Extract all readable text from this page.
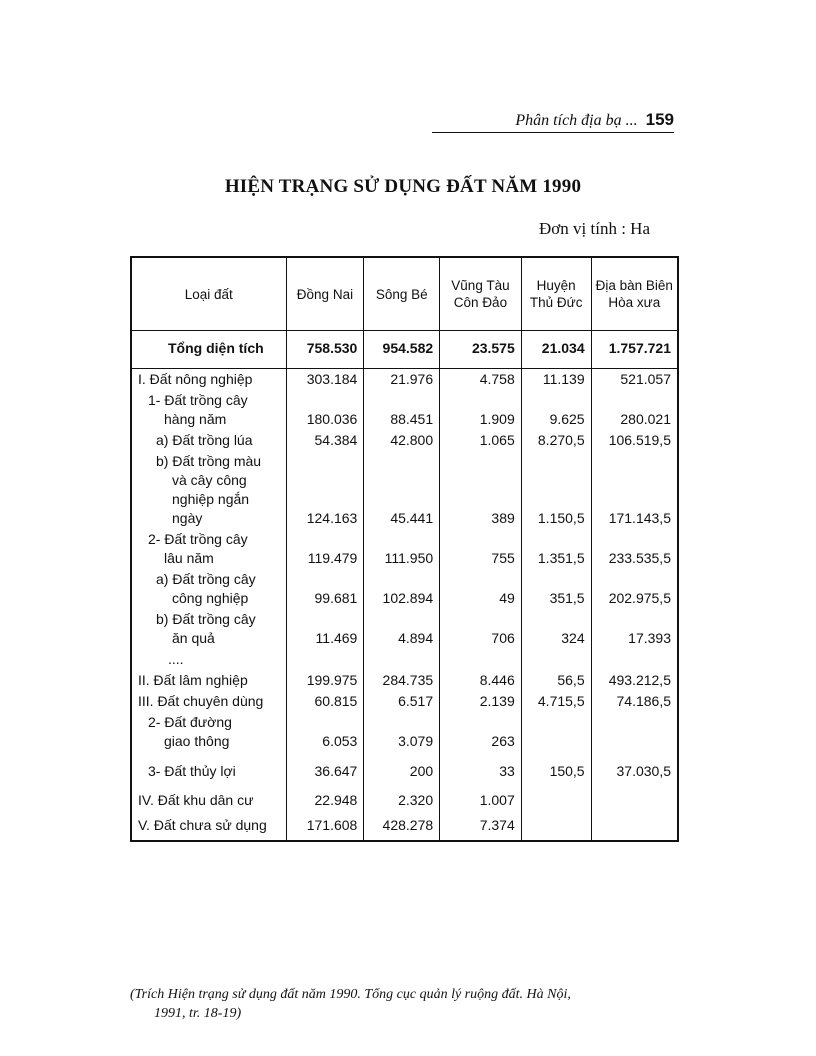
Phân tích địa bạ ... 159
HIỆN TRẠNG SỬ DỤNG ĐẤT NĂM 1990
Đơn vị tính : Ha
Loại đất	Đồng Nai	Sông Bé	Vũng Tàu Côn Đảo	Huyện Thủ Đức	Địa bàn Biên Hòa xưa
Tổng diện tích	758.530	954.582	23.575	21.034	1.757.721
I. Đất nông nghiệp	303.184	21.976	4.758	11.139	521.057

1- Đất trồng cây
hàng năm	180.036	88.451	1.909	9.625	280.021
a) Đất trồng lúa	54.384	42.800	1.065	8.270,5	106.519,5

b) Đất trồng màu
và cây công
nghiệp ngắn
ngày	124.163	45.441	389	1.150,5	171.143,5

2- Đất trồng cây
lâu năm	119.479	111.950	755	1.351,5	233.535,5

a) Đất trồng cây
công nghiệp	99.681	102.894	49	351,5	202.975,5

b) Đất trồng cây
ăn quả	11.469	4.894	706	324	17.393
....					
II. Đất lâm nghiệp	199.975	284.735	8.446	56,5	493.212,5
III. Đất chuyên dùng	60.815	6.517	2.139	4.715,5	74.186,5

2- Đất đường
giao thông	6.053	3.079	263		
3- Đất thủy lợi	36.647	200	33	150,5	37.030,5
IV. Đất khu dân cư	22.948	2.320	1.007		
V. Đất chưa sử dụng	171.608	428.278	7.374		
(Trích Hiện trạng sử dụng đất năm 1990. Tổng cục quản lý ruộng đất. Hà Nội,
1991, tr. 18-19)
